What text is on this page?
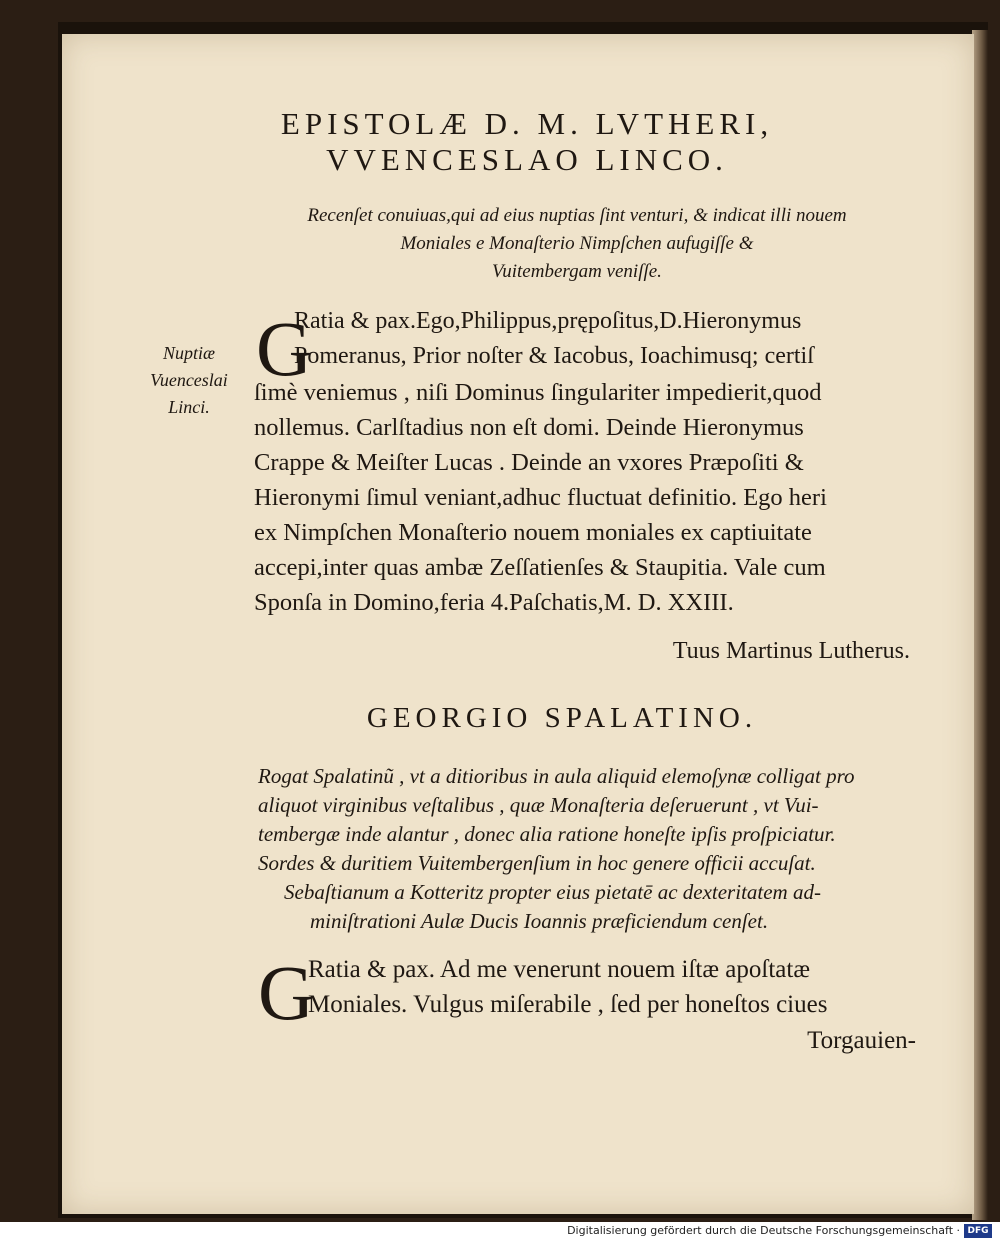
EPISTOLÆ D. M. LVTHERI,
VVENCESLAO LINCO.
Recenſet conuiuas,qui ad eius nuptias ſint venturi, & indicat illi nouem
Moniales e Monaſterio Nimpſchen aufugiſſe &
Vuitembergam veniſſe.
Nuptiæ
Vuenceslai
Linci.
G
Ratia & pax.Ego,Philippus,prępoſitus,D.Hieronymus
Pomeranus, Prior noſter & Iacobus, Ioachimusq; certiſ
ſimè veniemus , niſi Dominus ſingulariter impedierit,quod
nollemus. Carlſtadius non eſt domi. Deinde Hieronymus
Crappe & Meiſter Lucas . Deinde an vxores Præpoſiti &
Hieronymi ſimul veniant,adhuc fluctuat definitio. Ego heri
ex Nimpſchen Monaſterio nouem moniales ex captiuitate
accepi,inter quas ambæ Zeſſatienſes & Staupitia. Vale cum
Sponſa in Domino,feria 4.Paſchatis,M. D. XXIII.
Tuus Martinus Lutherus.
GEORGIO SPALATINO.
Rogat Spalatinũ , vt a ditioribus in aula aliquid elemoſynæ colligat pro
aliquot virginibus veſtalibus , quæ Monaſteria deſeruerunt , vt Vui-
tembergæ inde alantur , donec alia ratione honeſte ipſis proſpiciatur.
Sordes & duritiem Vuitembergenſium in hoc genere officii accuſat.
Sebaſtianum a Kotteritz propter eius pietatē ac dexteritatem ad-
miniſtrationi Aulæ Ducis Ioannis præficiendum cenſet.
G
Ratia & pax. Ad me venerunt nouem iſtæ apoſtatæ
Moniales. Vulgus miſerabile , ſed per honeſtos ciues
Torgauien-
Digitalisierung gefördert durch die Deutsche Forschungsgemeinschaft · DFG
